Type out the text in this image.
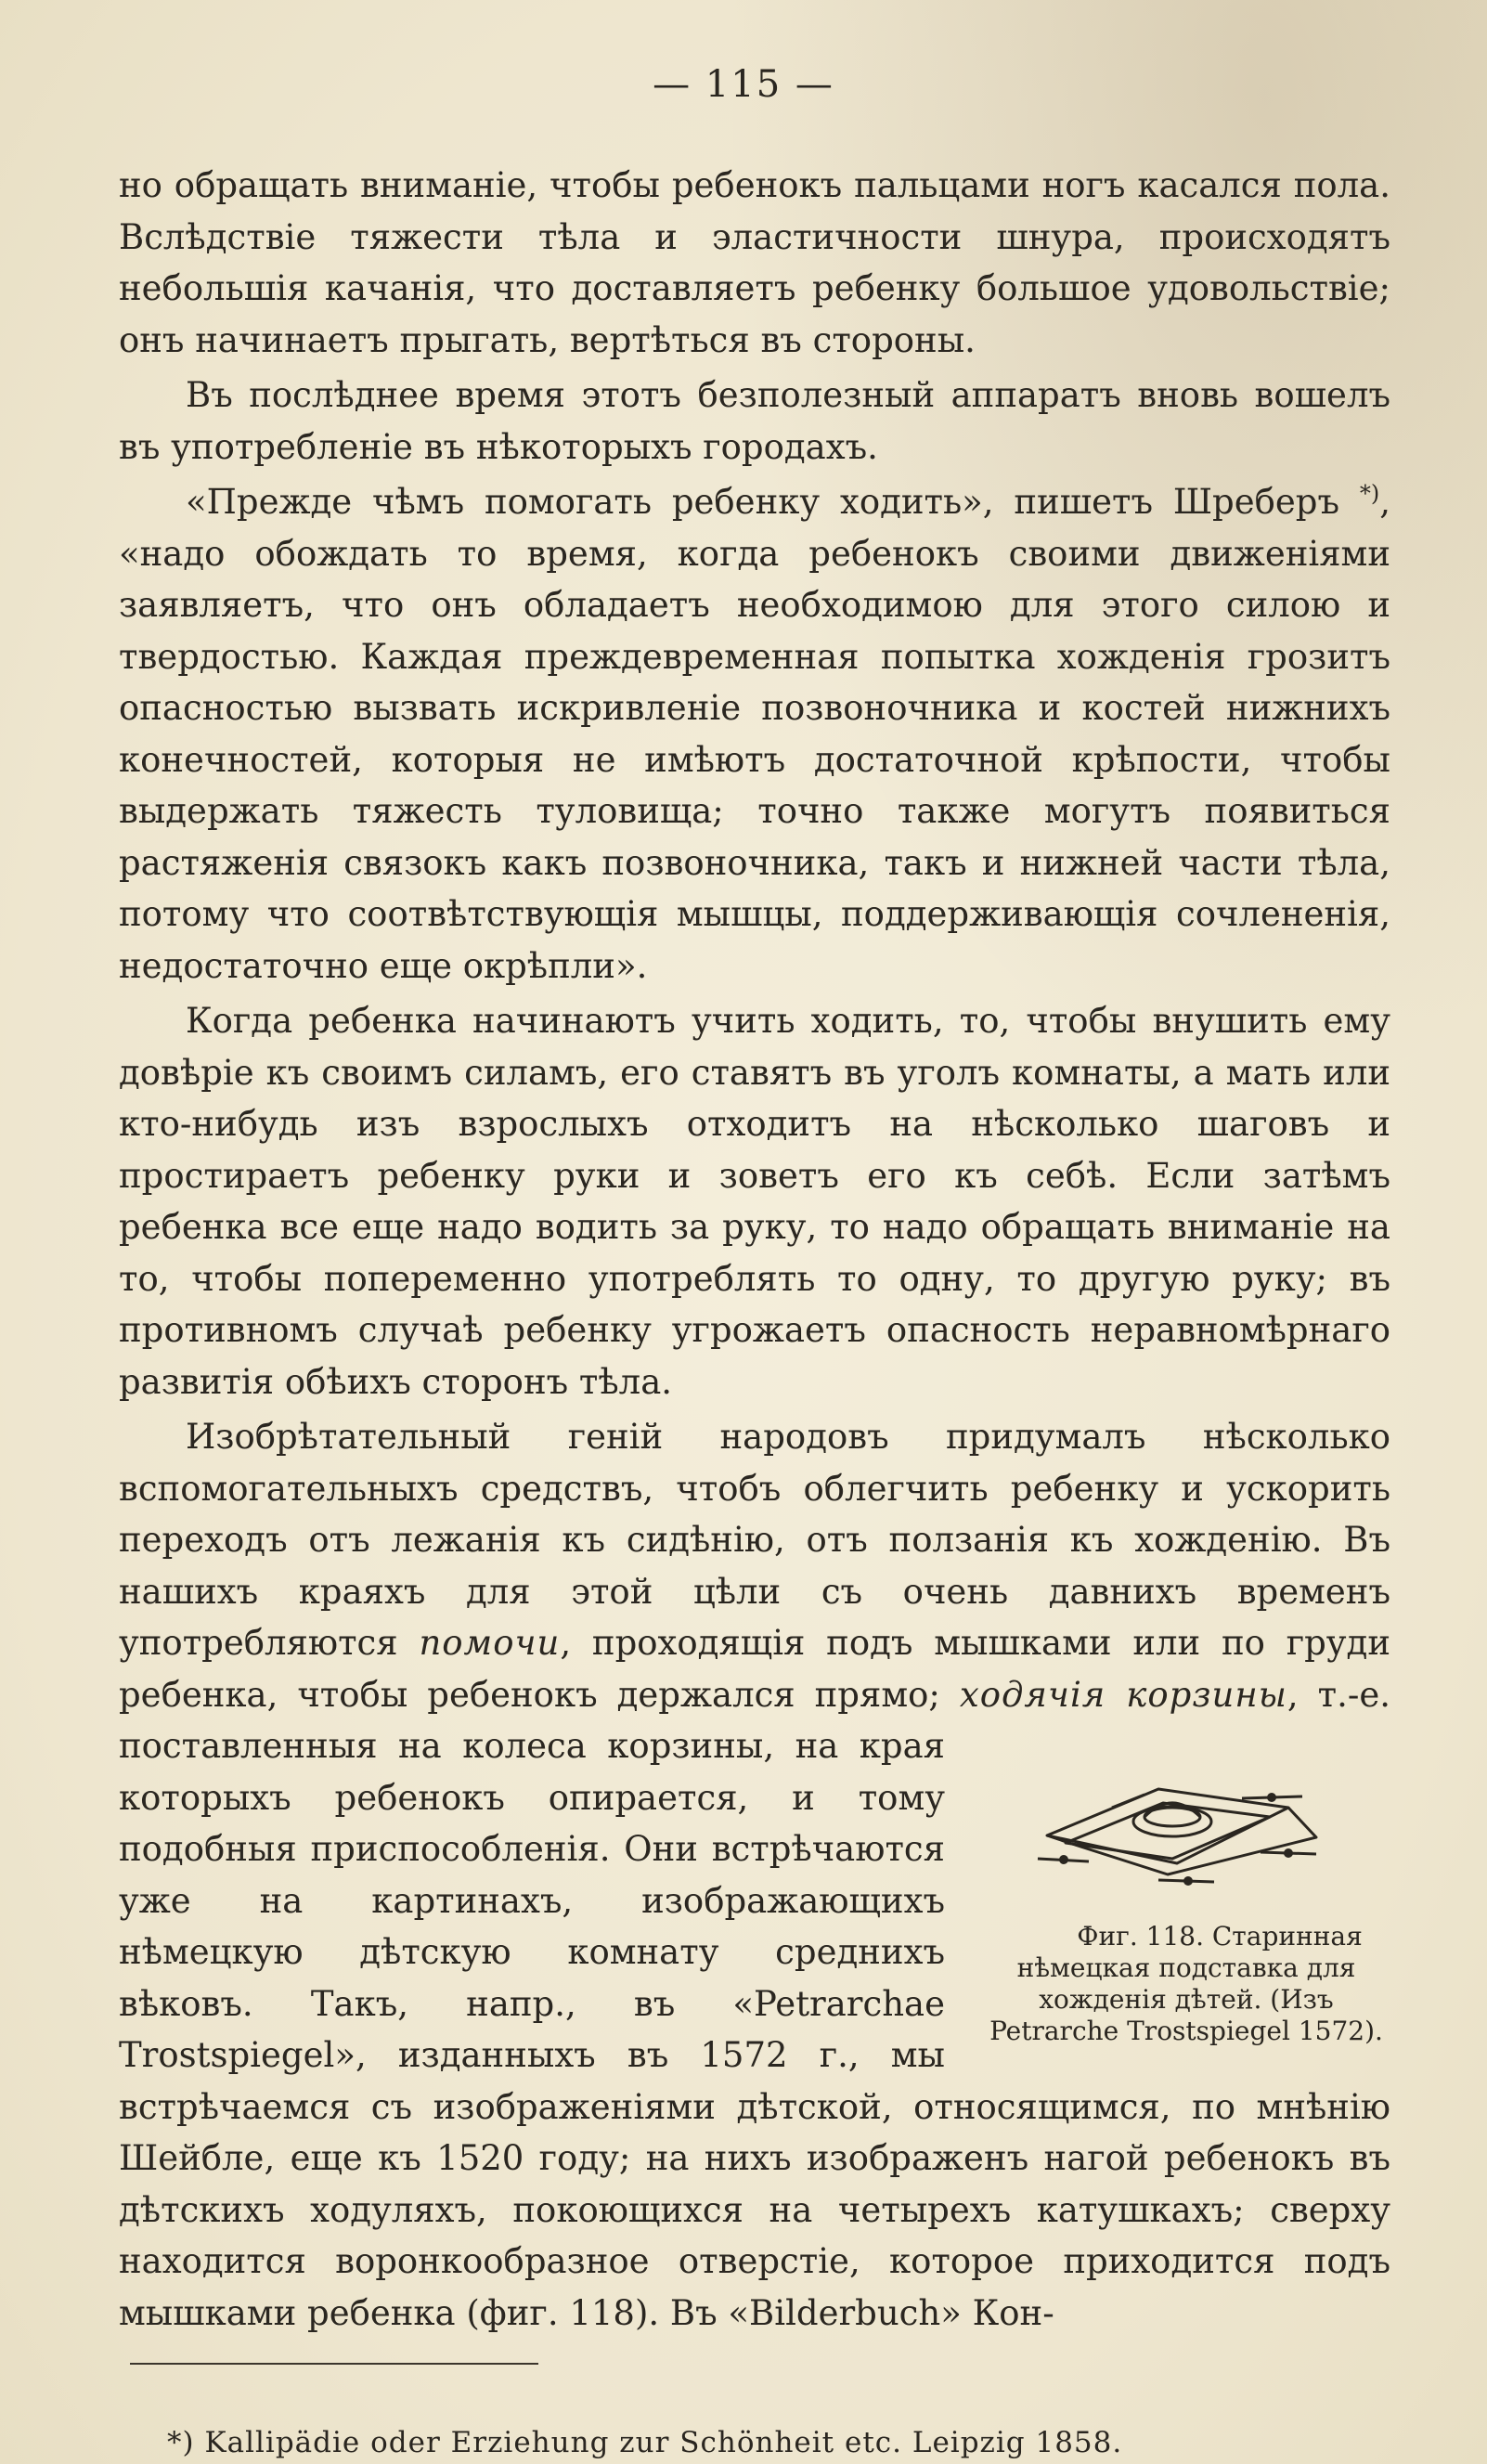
— 115 —

но обращать вниманіе, чтобы ребенокъ пальцами ногъ касался пола. Вслѣдствіе тяжести тѣла и эластичности шнура, происходятъ небольшія качанія, что доставляетъ ребенку большое удовольствіе; онъ начинаетъ прыгать, вертѣться въ стороны.

Въ послѣднее время этотъ безполезный аппаратъ вновь вошелъ въ употребленіе въ нѣкоторыхъ городахъ.

«Прежде чѣмъ помогать ребенку ходить», пишетъ Шреберъ *), «надо обождать то время, когда ребенокъ своими движеніями заявляетъ, что онъ обладаетъ необходимою для этого силою и твердостью. Каждая преждевременная попытка хожденія грозитъ опасностью вызвать искривленіе позвоночника и костей нижнихъ конечностей, которыя не имѣютъ достаточной крѣпости, чтобы выдержать тяжесть туловища; точно также могутъ появиться растяженія связокъ какъ позвоночника, такъ и нижней части тѣла, потому что соотвѣтствующія мышцы, поддерживающія сочлененія, недостаточно еще окрѣпли».

Когда ребенка начинаютъ учить ходить, то, чтобы внушить ему довѣріе къ своимъ силамъ, его ставятъ въ уголъ комнаты, а мать или кто-нибудь изъ взрослыхъ отходитъ на нѣсколько шаговъ и простираетъ ребенку руки и зоветъ его къ себѣ. Если затѣмъ ребенка все еще надо водить за руку, то надо обращать вниманіе на то, чтобы попеременно употреблять то одну, то другую руку; въ противномъ случаѣ ребенку угрожаетъ опасность неравномѣрнаго развитія обѣихъ сторонъ тѣла.

Изобрѣтательный геній народовъ придумалъ нѣсколько вспомогательныхъ средствъ, чтобъ облегчить ребенку и ускорить переходъ отъ лежанія къ сидѣнію, отъ ползанія къ хожденію. Въ нашихъ краяхъ для этой цѣли съ очень давнихъ временъ употребляются помочи, проходящія подъ мышками или по груди ребенка, чтобы ребенокъ держался прямо; ходячія корзины
Фиг. 118. Старинная нѣмецкая подставка для хожденія дѣтей. (Изъ Petrarche Trostspiegel 1572).
, т.-е. поставленныя на колеса корзины, на края которыхъ ребенокъ опирается, и тому подобныя приспособленія. Они встрѣчаются уже на картинахъ, изображающихъ нѣмецкую дѣтскую комнату среднихъ вѣковъ. Такъ, напр., въ «Petrarchae Trostspiegel», изданныхъ въ 1572 г., мы встрѣчаемся съ изображеніями дѣтской, относящимся, по мнѣнію Шейбле, еще къ 1520 году; на нихъ изображенъ нагой ребенокъ въ дѣтскихъ ходуляхъ, покоющихся на четырехъ катушкахъ; сверху находится воронкообразное отверстіе, которое приходится подъ мышками ребенка (фиг. 118). Въ «Bilderbuch» Кон-

*) Kallipädie oder Erziehung zur Schönheit etc. Leipzig 1858.
